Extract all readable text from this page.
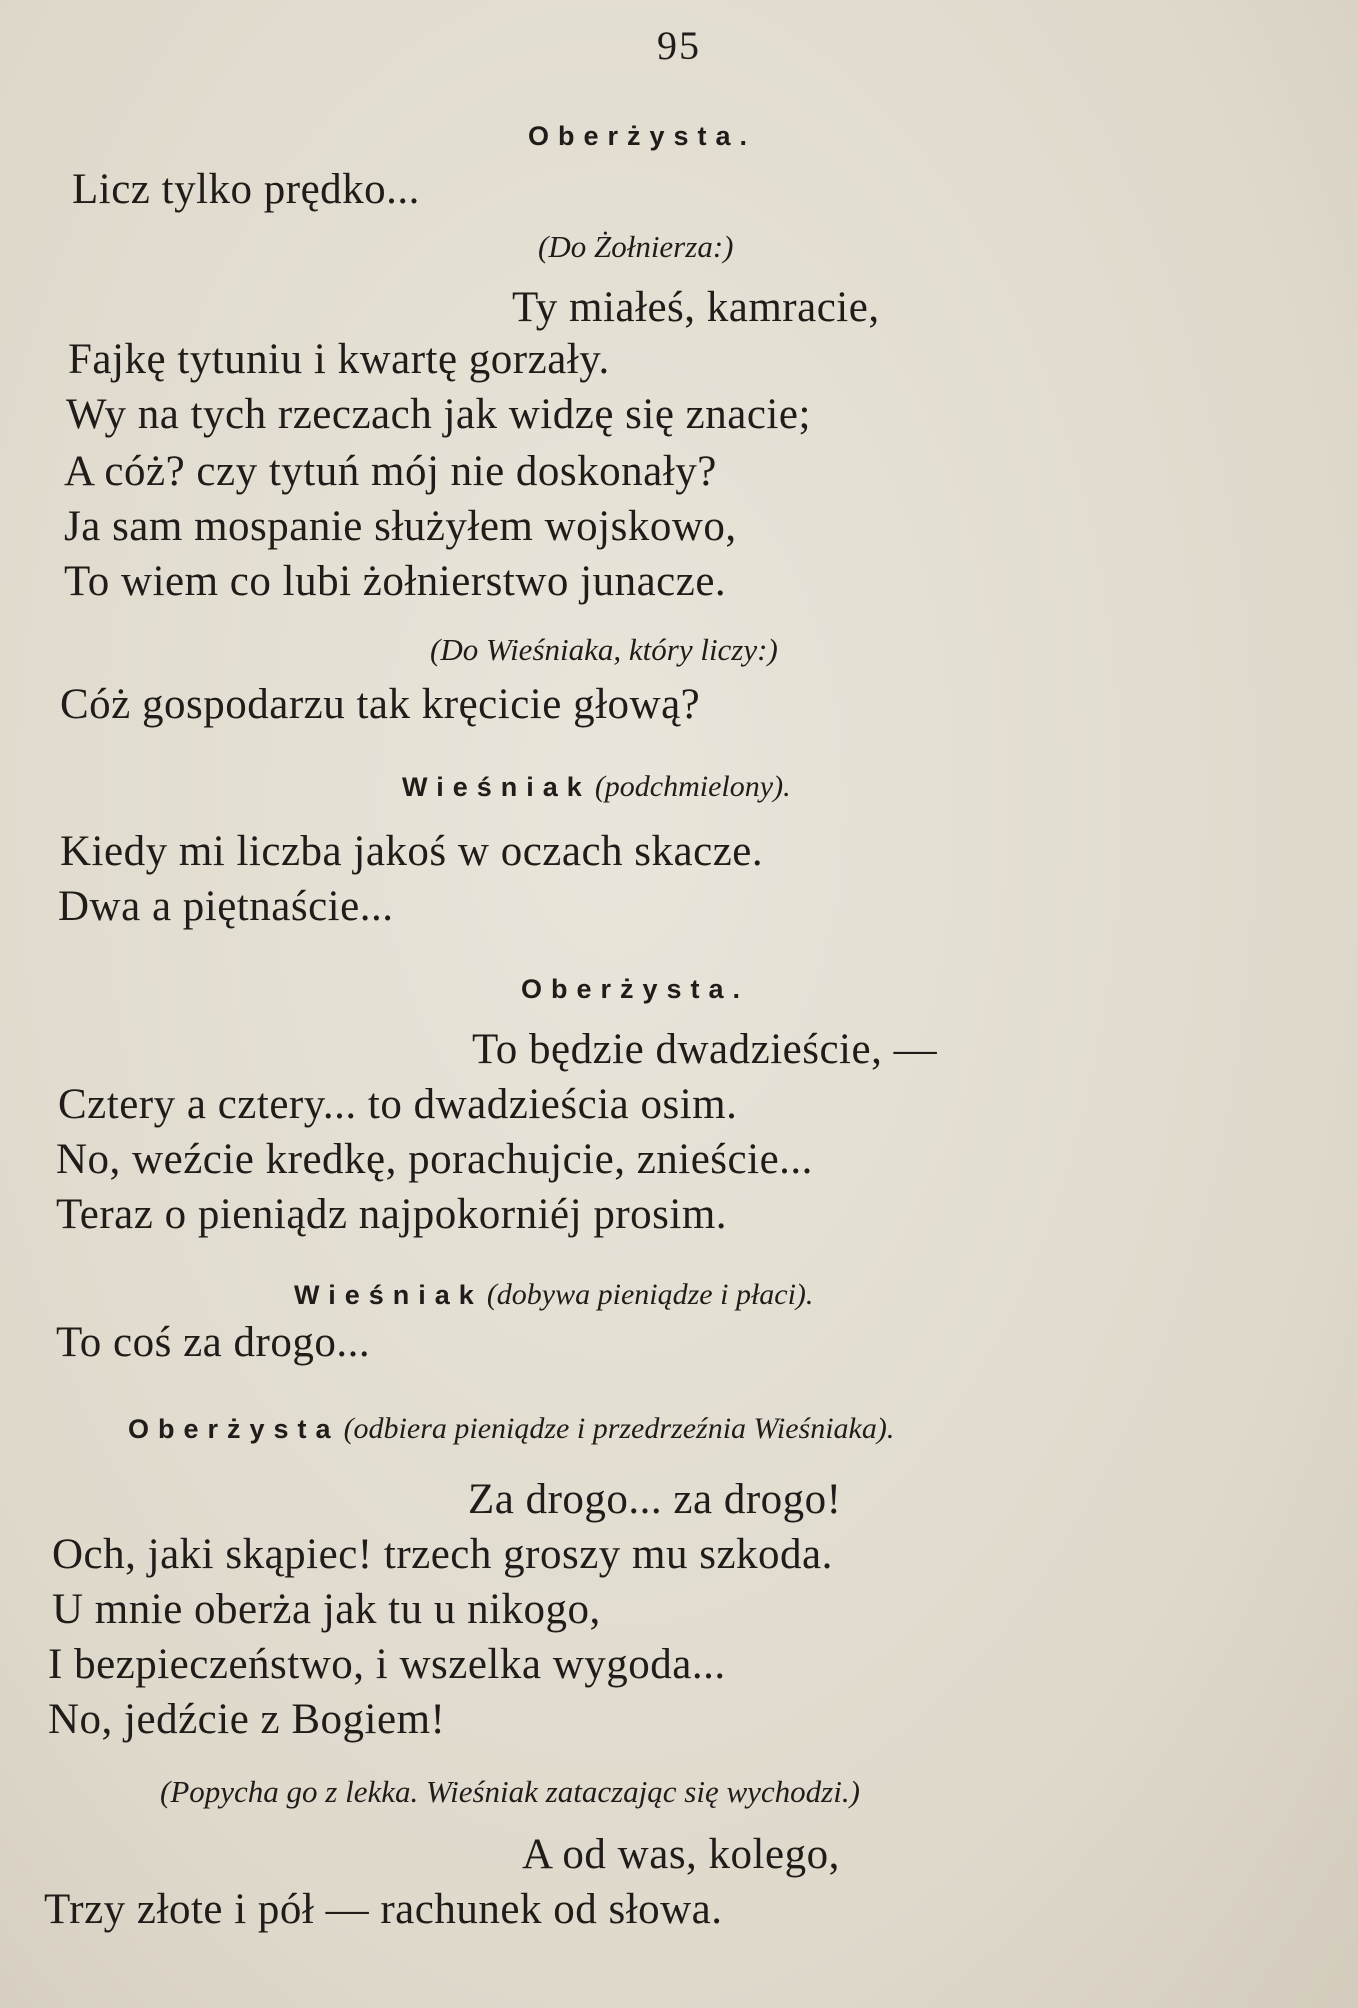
95
Oberżysta.
Licz tylko prędko...
(Do Żołnierza:)
Ty miałeś, kamracie,
Fajkę tytuniu i kwartę gorzały.
Wy na tych rzeczach jak widzę się znacie;
A cóż? czy tytuń mój nie doskonały?
Ja sam mospanie służyłem wojskowo,
To wiem co lubi żołnierstwo junacze.
(Do Wieśniaka, który liczy:)
Cóż gospodarzu tak kręcicie głową?
Wieśniak (podchmielony).
Kiedy mi liczba jakoś w oczach skacze.
Dwa a piętnaście...
Oberżysta.
To będzie dwadzieście, —
Cztery a cztery... to dwadzieścia osim.
No, weźcie kredkę, porachujcie, znieście...
Teraz o pieniądz najpokorniéj prosim.
Wieśniak (dobywa pieniądze i płaci).
To coś za drogo...
Oberżysta (odbiera pieniądze i przedrzeźnia Wieśniaka).
Za drogo... za drogo!
Och, jaki skąpiec! trzech groszy mu szkoda.
U mnie oberża jak tu u nikogo,
I bezpieczeństwo, i wszelka wygoda...
No, jedźcie z Bogiem!
(Popycha go z lekka. Wieśniak zataczając się wychodzi.)
A od was, kolego,
Trzy złote i pół — rachunek od słowa.
